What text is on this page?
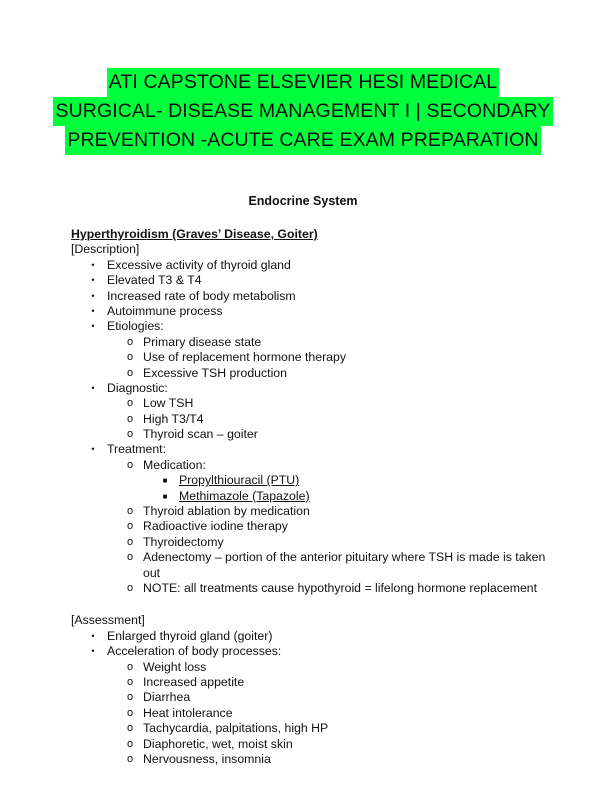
ATI CAPSTONE ELSEVIER HESI MEDICAL
SURGICAL- DISEASE MANAGEMENT I | SECONDARY
PREVENTION -ACUTE CARE EXAM PREPARATION
Endocrine System
Hyperthyroidism (Graves’ Disease, Goiter)
[Description]
•	Excessive activity of thyroid gland
•	Elevated T3 & T4
•	Increased rate of body metabolism
•	Autoimmune process
•	Etiologies:
o Primary disease state
o Use of replacement hormone therapy
o Excessive TSH production
•	Diagnostic:
o Low TSH
o High T3/T4
o Thyroid scan – goiter
•	Treatment:
o Medication:
■ Propylthiouracil (PTU)
■ Methimazole (Tapazole)
o Thyroid ablation by medication
o Radioactive iodine therapy
o Thyroidectomy
o Adenectomy – portion of the anterior pituitary where TSH is made is taken out
o NOTE: all treatments cause hypothyroid = lifelong hormone replacement
[Assessment]
•	Enlarged thyroid gland (goiter)
•	Acceleration of body processes:
o Weight loss
o Increased appetite
o Diarrhea
o Heat intolerance
o Tachycardia, palpitations, high HP
o Diaphoretic, wet, moist skin
o Nervousness, insomnia
